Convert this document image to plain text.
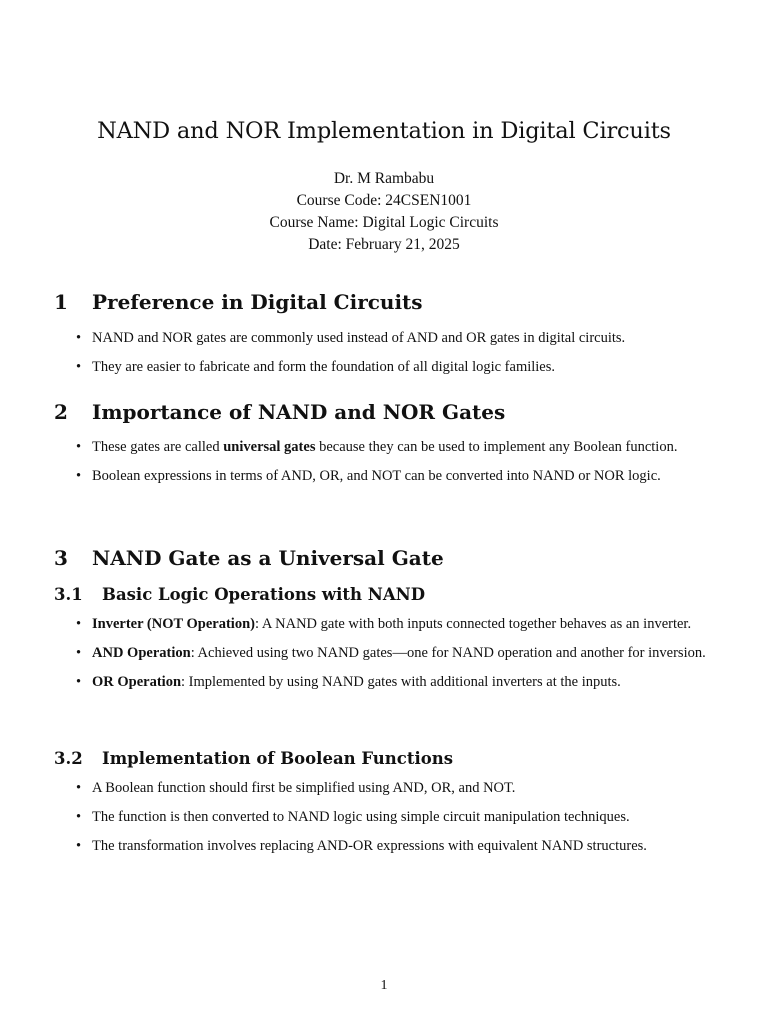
NAND and NOR Implementation in Digital Circuits
Dr. M Rambabu
Course Code: 24CSEN1001
Course Name: Digital Logic Circuits
Date: February 21, 2025
1 Preference in Digital Circuits
• NAND and NOR gates are commonly used instead of AND and OR gates in digital circuits.
• They are easier to fabricate and form the foundation of all digital logic families.
2 Importance of NAND and NOR Gates
• These gates are called universal gates because they can be used to implement any Boolean function.
• Boolean expressions in terms of AND, OR, and NOT can be converted into NAND or NOR logic.
3 NAND Gate as a Universal Gate
3.1 Basic Logic Operations with NAND
• Inverter (NOT Operation): A NAND gate with both inputs connected together behaves as an inverter.
• AND Operation: Achieved using two NAND gates—one for NAND operation and another for inversion.
• OR Operation: Implemented by using NAND gates with additional inverters at the inputs.
3.2 Implementation of Boolean Functions
• A Boolean function should first be simplified using AND, OR, and NOT.
• The function is then converted to NAND logic using simple circuit manipulation techniques.
• The transformation involves replacing AND-OR expressions with equivalent NAND structures.
1
